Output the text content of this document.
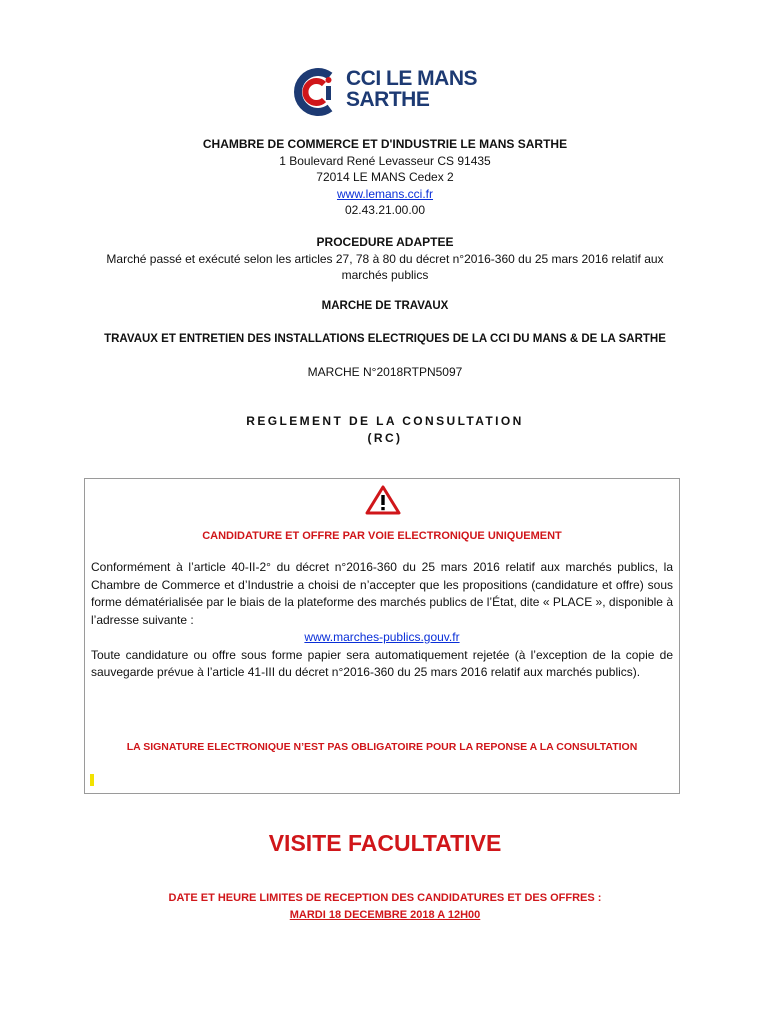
CCI LE MANS
SARTHE
CHAMBRE DE COMMERCE ET D'INDUSTRIE LE MANS SARTHE
1 Boulevard René Levasseur CS 91435
72014 LE MANS Cedex 2
www.lemans.cci.fr
02.43.21.00.00
PROCEDURE ADAPTEE
Marché passé et exécuté selon les articles 27, 78 à 80 du décret n°2016-360 du 25 mars 2016 relatif aux marchés publics
MARCHE DE TRAVAUX
TRAVAUX ET ENTRETIEN DES INSTALLATIONS ELECTRIQUES DE LA CCI DU MANS & DE LA SARTHE
MARCHE N°2018RTPN5097
REGLEMENT DE LA CONSULTATION
(RC)
CANDIDATURE ET OFFRE PAR VOIE ELECTRONIQUE UNIQUEMENT
Conformément à l’article 40-II-2° du décret n°2016-360 du 25 mars 2016 relatif aux marchés publics, la Chambre de Commerce et d’Industrie a choisi de n’accepter que les propositions (candidature et offre) sous forme dématérialisée par le biais de la plateforme des marchés publics de l’État, dite « PLACE », disponible à l’adresse suivante :
www.marches-publics.gouv.fr
Toute candidature ou offre sous forme papier sera automatiquement rejetée (à l’exception de la copie de sauvegarde prévue à l’article 41-III du décret n°2016-360 du 25 mars 2016 relatif aux marchés publics).
LA SIGNATURE ELECTRONIQUE N’EST PAS OBLIGATOIRE POUR LA REPONSE A LA CONSULTATION
VISITE FACULTATIVE
DATE ET HEURE LIMITES DE RECEPTION DES CANDIDATURES ET DES OFFRES :
MARDI 18 DECEMBRE 2018 A 12H00
